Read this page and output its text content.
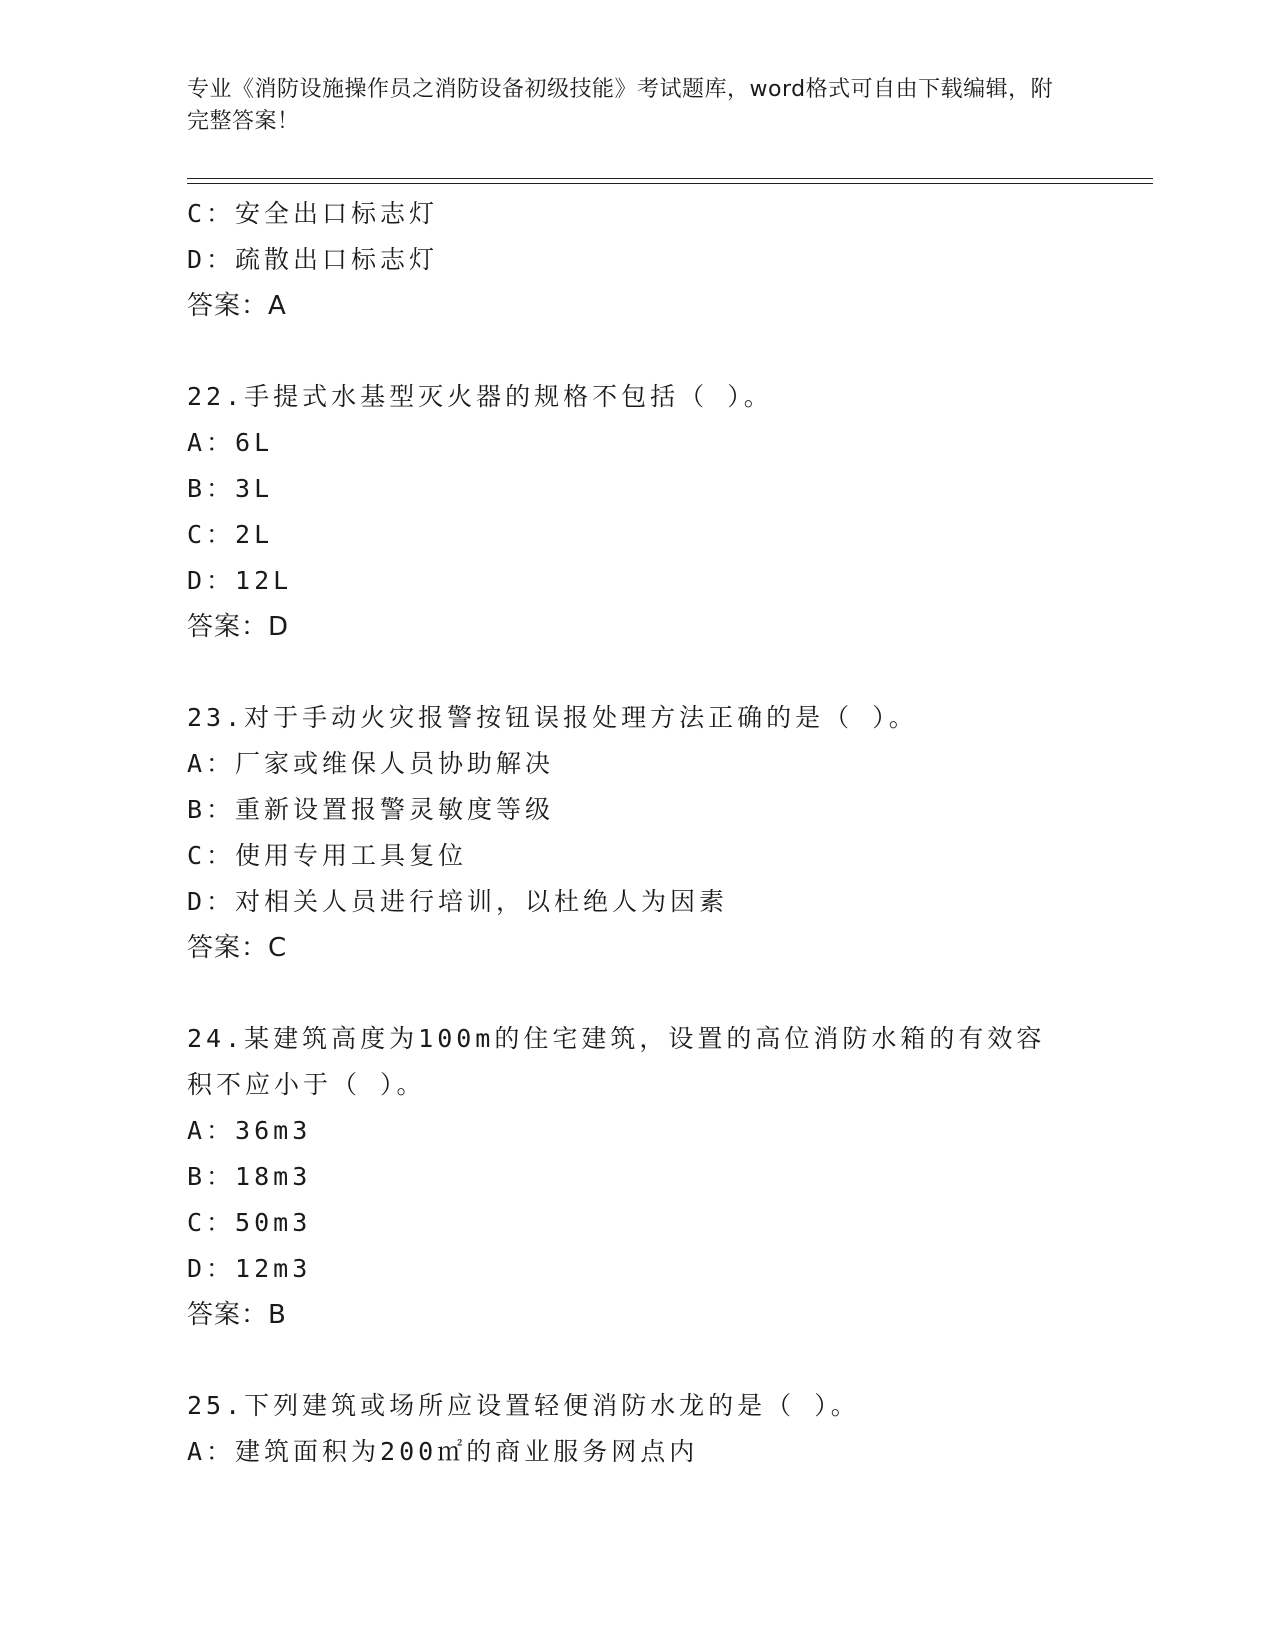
专业《消防设施操作员之消防设备初级技能》考试题库，word格式可自由下载编辑，附完整答案！
C：安全出口标志灯
D：疏散出口标志灯
答案：A
22.手提式水基型灭火器的规格不包括（ ）。
A：6L
B：3L
C：2L
D：12L
答案：D
23.对于手动火灾报警按钮误报处理方法正确的是（ ）。
A：厂家或维保人员协助解决
B：重新设置报警灵敏度等级
C：使用专用工具复位
D：对相关人员进行培训，以杜绝人为因素
答案：C
24.某建筑高度为100m的住宅建筑，设置的高位消防水箱的有效容积不应小于（ ）。
A：36m3
B：18m3
C：50m3
D：12m3
答案：B
25.下列建筑或场所应设置轻便消防水龙的是（ ）。
A：建筑面积为200㎡的商业服务网点内
